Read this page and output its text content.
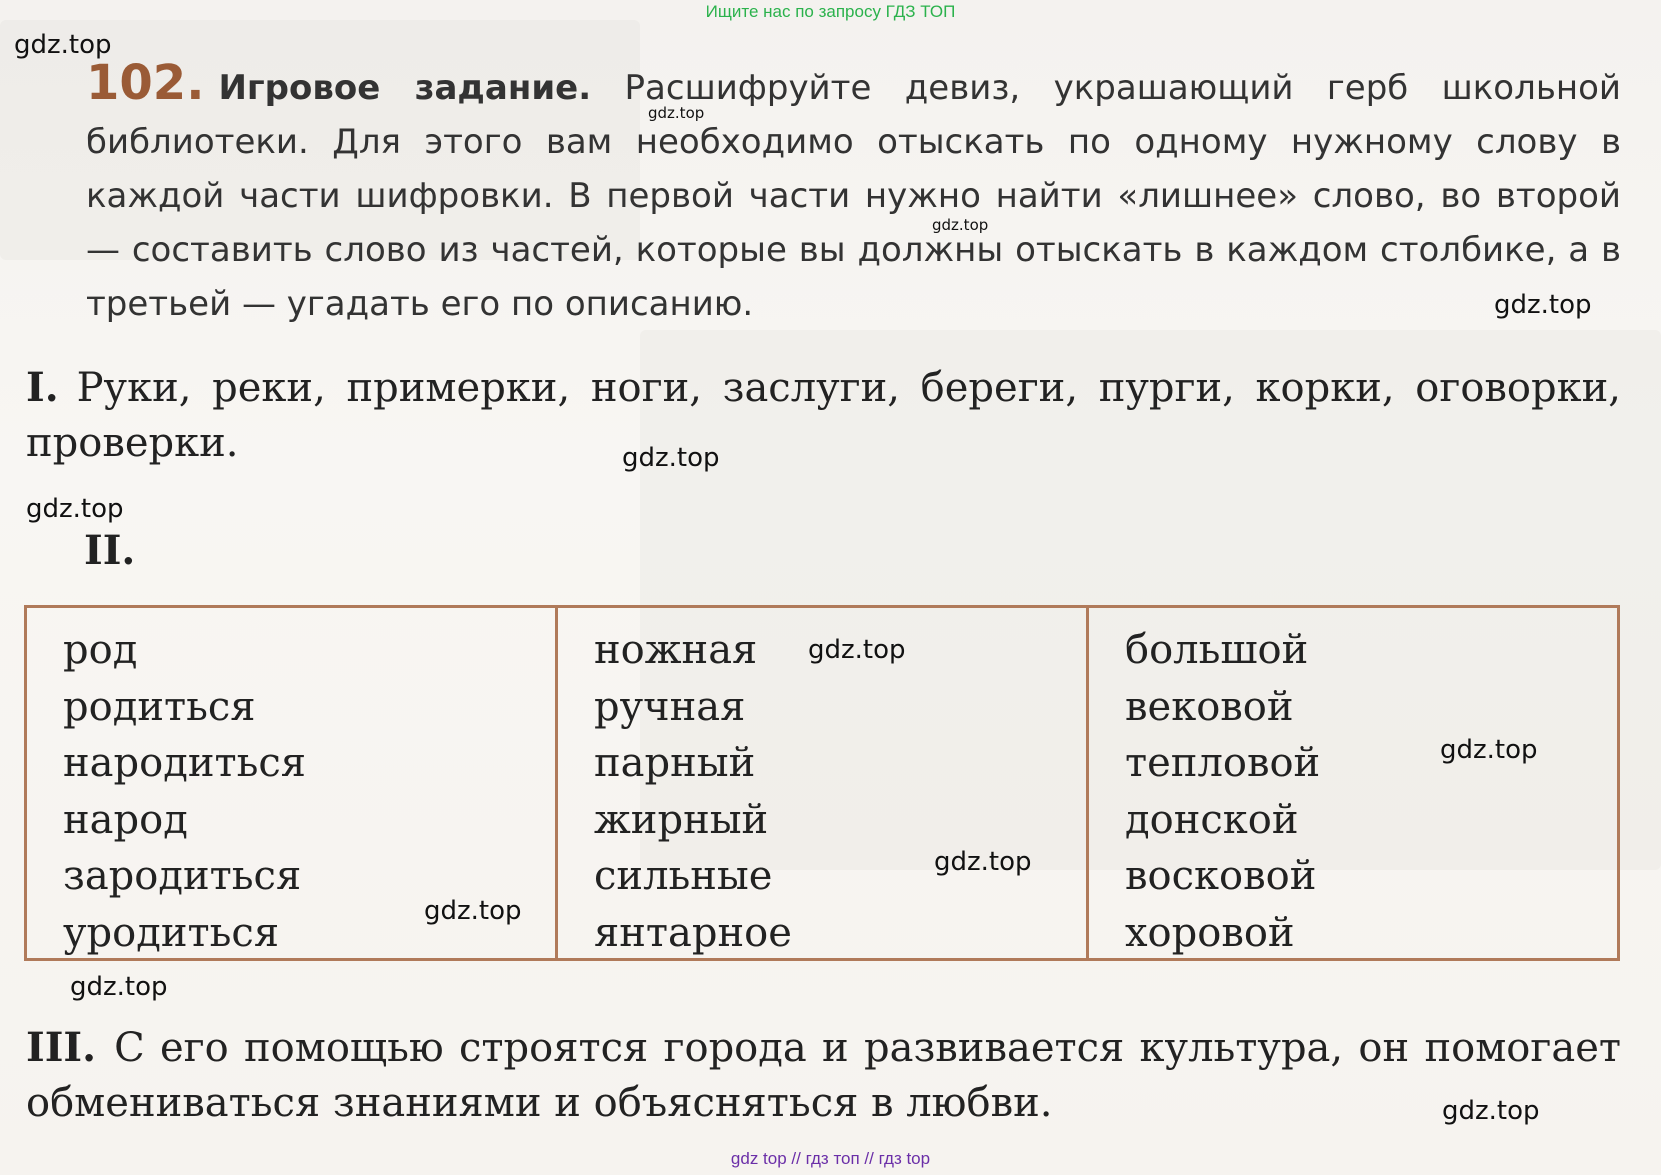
Ищите нас по запросу ГДЗ ТОП
102. Игровое задание. Расшифруйте девиз, украшающий герб школьной библиотеки. Для этого вам необходимо отыскать по одному нужному слову в каждой части шифровки. В первой части нужно найти «лишнее» слово, во второй — составить слово из частей, которые вы должны отыскать в каждом столбике, а в третьей — угадать его по описанию.
I. Руки, реки, примерки, ноги, заслуги, береги, пурги, корки, оговорки, проверки.
II.
род
родиться
народиться
народ
зародиться
уродиться
ножная
ручная
парный
жирный
сильные
янтарное
большой
вековой
тепловой
донской
восковой
хоровой
III. С его помощью строятся города и развивается культура, он помогает обмениваться знаниями и объясняться в любви.
gdz.top
gdz.top
gdz.top
gdz.top
gdz.top
gdz.top
gdz.top
gdz.top
gdz.top
gdz.top
gdz.top
gdz.top
gdz top // гдз топ // гдз top
